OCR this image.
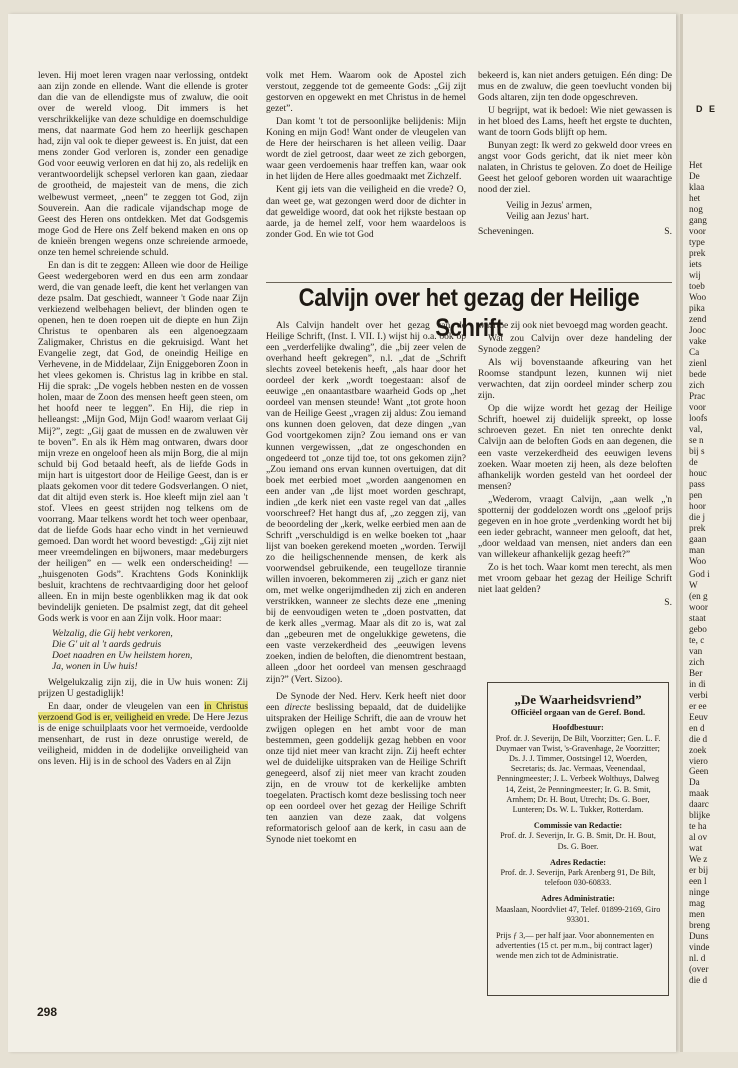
leven. Hij moet leren vragen naar verlossing, ontdekt aan zijn zonde en ellende. Want die ellende is groter dan die van de ellendigste mus of zwaluw, die ooit over de wereld vloog. Dit immers is het verschrikkelijke van deze schuldige en doemschuldige mens, dat naarmate God hem zo heerlijk geschapen had, zijn val ook te dieper geweest is. En juist, dat een mens zonder God verloren is, zonder een genadige God voor eeuwig verloren en dat hij zo, als redelijk en verantwoordelijk schepsel verloren kan gaan, ziedaar de grootheid, de majesteit van de mens, die zich welbewust vermeet, „neen” te zeggen tot God, zijn Souverein. Aan die radicale vijandschap moge de Geest des Heren ons ontdekken. Met dat Godsgemis moge God de Here ons Zelf bekend maken en ons op de knieën brengen wegens onze schreiende armoede, onze ten hemel schreiende schuld.

En dan is dit te zeggen: Alleen wie door de Heilige Geest wedergeboren werd en dus een arm zondaar werd, die van genade leeft, die kent het verlangen van deze psalm. Dat geschiedt, wanneer 't Gode naar Zijn verkiezend welbehagen believt, der blinden ogen te openen, hen te doen roepen uit de diepte en hun Zijn Christus te openbaren als een algenoegzaam Zaligmaker, Christus en die gekruisigd. Want het Evangelie zegt, dat God, de oneindig Heilige en Verhevene, in de Middelaar, Zijn Eniggeboren Zoon in het vlees gekomen is. Christus lag in kribbe en stal. Hij die sprak: „De vogels hebben nesten en de vossen holen, maar de Zoon des mensen heeft geen steen, om het hoofd neer te leggen”. En Hij, die riep in helleangst: „Mijn God, Mijn God! waarom verlaat Gij Mij?”, zegt: „Gij gaat de mussen en de zwaluwen vèr te boven”. En als ik Hèm mag ontwaren, dwars door mijn vreze en ongeloof heen als mijn Borg, die al mijn schuld bij God betaald heeft, als de liefde Gods in mijn hart is uitgestort door de Heilige Geest, dan is er plaats gekomen voor dit tedere Godsverlangen. O niet, dat dit altijd even sterk is. Hoe kleeft mijn ziel aan 't stof. Vlees en geest strijden nog telkens om de voorrang. Maar telkens wordt het toch weer openbaar, dat de liefde Gods haar echo vindt in het vernieuwd gemoed. Dan wordt het woord bevestigd: „Gij zijt niet meer vreemdelingen en bijwoners, maar medeburgers der heiligen” en — welk een onderscheiding! — „huisgenoten Gods”. Krachtens Gods Koninklijk besluit, krachtens de rechtvaardiging door het geloof alleen. En in mijn beste ogenblikken mag ik dat ook bevindelijk genieten. De psalmist zegt, dat dit geheel Gods werk is voor en aan Zijn volk. Hoor maar:

Welzalig, die Gij hebt verkoren,
Die G' uit al 't aards gedruis
Doet naadren en Uw heilstem horen,
Ja, wonen in Uw huis!

Welgelukzalig zijn zij, die in Uw huis wonen: Zij prijzen U gestadiglijk!

En daar, onder de vleugelen van een in Christus verzoend God is er, veiligheid en vrede. De Here Jezus is de enige schuilplaats voor het vermoeide, verdoolde mensenhart, de rust in deze onrustige wereld, de veiligheid, midden in de dodelijke onveiligheid van ons leven. Hij is in de school des Vaders en al Zijn

volk met Hem. Waarom ook de Apostel zich verstout, zeggende tot de gemeente Gods: „Gij zijt gestorven en opgewekt en met Christus in de hemel gezet”.

Dan komt 't tot de persoonlijke belijdenis: Mijn Koning en mijn God! Want onder de vleugelen van de Here der heirscharen is het alleen veilig. Daar wordt de ziel getroost, daar weet ze zich geborgen, waar geen verdoemenis haar treffen kan, waar ook in het lijden de Here alles goedmaakt met Zichzelf.

Kent gij iets van die veiligheid en die vrede? O, dan weet ge, wat gezongen werd door de dichter in dat geweldige woord, dat ook het rijkste bestaan op aarde, ja de hemel zelf, voor hem waardeloos is zonder God. En wie tot God

bekeerd is, kan niet anders getuigen. Eén ding: De mus en de zwaluw, die geen toevlucht vonden bij Gods altaren, zijn ten dode opgeschreven.

U begrijpt, wat ik bedoel: Wie niet gewassen is in het bloed des Lams, heeft het ergste te duchten, want de toorn Gods blijft op hem.

Bunyan zegt: Ik werd zo gekweld door vrees en angst voor Gods gericht, dat ik niet meer kòn nalaten, in Christus te geloven. Zo doet de Heilige Geest het geloof geboren worden uit waarachtige nood der ziel.

Veilig in Jezus' armen,
Veilig aan Jezus' hart.
Scheveningen.	S.
Calvijn over het gezag der Heilige Schrift

Als Calvijn handelt over het gezag van de Heilige Schrift, (Inst. I. VII. I.) wijst hij o.a. ook op een „verderfelijke dwaling”, die „bij zeer velen de overhand heeft gekregen”, n.l. „dat de „Schrift slechts zoveel betekenis heeft, „als haar door het oordeel der kerk „wordt toegestaan: alsof de eeuwige „en onaantastbare waarheid Gods op „het oordeel van mensen steunde! Want „tot grote hoon van de Heilige Geest „vragen zij aldus: Zou iemand ons kunnen doen geloven, dat deze dingen „van God voortgekomen zijn? Zou iemand ons er van kunnen vergewissen, „dat ze ongeschonden en ongedeerd tot „onze tijd toe, tot ons gekomen zijn? „Zou iemand ons ervan kunnen overtuigen, dat dit boek met eerbied moet „worden aangenomen en een ander van „de lijst moet worden geschrapt, indien „de kerk niet een vaste regel van dat „alles voorschreef? Het hangt dus af, „zo zeggen zij, van de beoordeling der „kerk, welke eerbied men aan de Schrift „verschuldigd is en welke boeken tot „haar lijst van boeken gerekend moeten „worden. Terwijl zo die heiligschennende mensen, de kerk als voorwendsel gebruikende, een teugelloze tirannie willen invoeren, bekommeren zij „zich er ganz niet om, met welke ongerijmdheden zij zich en anderen verstrikken, wanneer ze slechts deze ene „mening bij de eenvoudigen weten te „doen postvatten, dat de kerk alles „vermag. Maar als dit zo is, wat zal dan „gebeuren met de ongelukkige gewetens, die een vaste verzekerdheid des „eeuwigen levens zoeken, indien de beloften, die dienomtrent bestaan, alleen „door het oordeel van mensen geschraagd zijn?” (Vert. Sizoo).

De Synode der Ned. Herv. Kerk heeft niet door een directe beslissing bepaald, dat de duidelijke uitspraken der Heilige Schrift, die aan de vrouw het zwijgen oplegen en het ambt voor de man bestemmen, geen goddelijk gezag hebben en voor onze tijd niet meer van kracht zijn. Zij heeft echter wel de duidelijke uitspraken van de Heilige Schrift genegeerd, alsof zij niet meer van kracht zouden zijn, en de vrouw tot de kerkelijke ambten toegelaten. Practisch komt deze beslissing toch neer op een oordeel over het gezag der Heilige Schrift ten aanzien van deze zaak, dat volgens reformatorisch geloof aan de kerk, in casu aan de Synode niet toekomt en

waartoe zij ook niet bevoegd mag worden geacht.

Wat zou Calvijn over deze handeling der Synode zeggen?

Als wij bovenstaande afkeuring van het Roomse standpunt lezen, kunnen wij niet verwachten, dat zijn oordeel minder scherp zou zijn.

Op die wijze wordt het gezag der Heilige Schrift, hoewel zij duidelijk spreekt, op losse schroeven gezet. En niet ten onrechte denkt Calvijn aan de beloften Gods en aan degenen, die een vaste verzekerdheid des eeuwigen levens zoeken. Waar moeten zij heen, als deze beloften afhankelijk worden gesteld van het oordeel der mensen?

„Wederom, vraagt Calvijn, „aan welk „'n spotternij der goddelozen wordt ons „geloof prijs gegeven en in hoe grote „verdenking wordt het bij een ieder gebracht, wanneer men gelooft, dat het, „door weldaad van mensen, niet anders dan een van willekeur afhankelijk gezag heeft?”

Zo is het toch. Waar komt men terecht, als men met vroom gebaar het gezag der Heilige Schrift niet laat gelden?

S.
„De Waarheidsvriend”
Officiëel orgaan van de Geref. Bond.
Hoofdbestuur:
Prof. dr. J. Severijn, De Bilt, Voorzitter; Gen. L. F. Duymaer van Twist, 's-Gravenhage, 2e Voorzitter; Ds. J. J. Timmer, Oostsingel 12, Woerden, Secretaris; ds. Jac. Vermaas, Veenendaal, Penningmeester; J. L. Verbeek Wolthuys, Dalweg 14, Zeist, 2e Penningmeester; Ir. G. B. Smit, Arnhem; Dr. H. Bout, Utrecht; Ds. G. Boer, Lunteren; Ds. W. L. Tukker, Rotterdam.
Commissie van Redactie:
Prof. dr. J. Severijn, Ir. G. B. Smit, Dr. H. Bout, Ds. G. Boer.
Adres Redactie:
Prof. dr. J. Severijn, Park Arenberg 91, De Bilt, telefoon 030-60833.
Adres Administratie:
Maaslaan, Noordvliet 47, Telef. 01899-2169, Giro 93301.
Prijs ƒ 3,— per half jaar. Voor abonnementen en advertenties (15 ct. per m.m., bij contract lager) wende men zich tot de Administratie.
298
D E
Het
De
klaa
het
nog
gang
voor
type
prek
iets
wij
toeb
Woo
pika
zend
Jooc
vake
Ca
zienl
bede
zich
Prac
voor
loofs
val,
se n
bij s
de
houc
pass
pen
hoor
die j
prek
gaan
man
Woo
God i
W
(en g
woor
staat
gebo
te, c
van
zich
Ber
in di
verbi
er ee
Eeuv
en d
die d
zoek
viero
Geen
Da
maak
daarc
blijke
te ha
al ov
wat
We z
er bij
een l
ninge
mag
men
breng
Duns
vinde
nl. d
(over
die d
